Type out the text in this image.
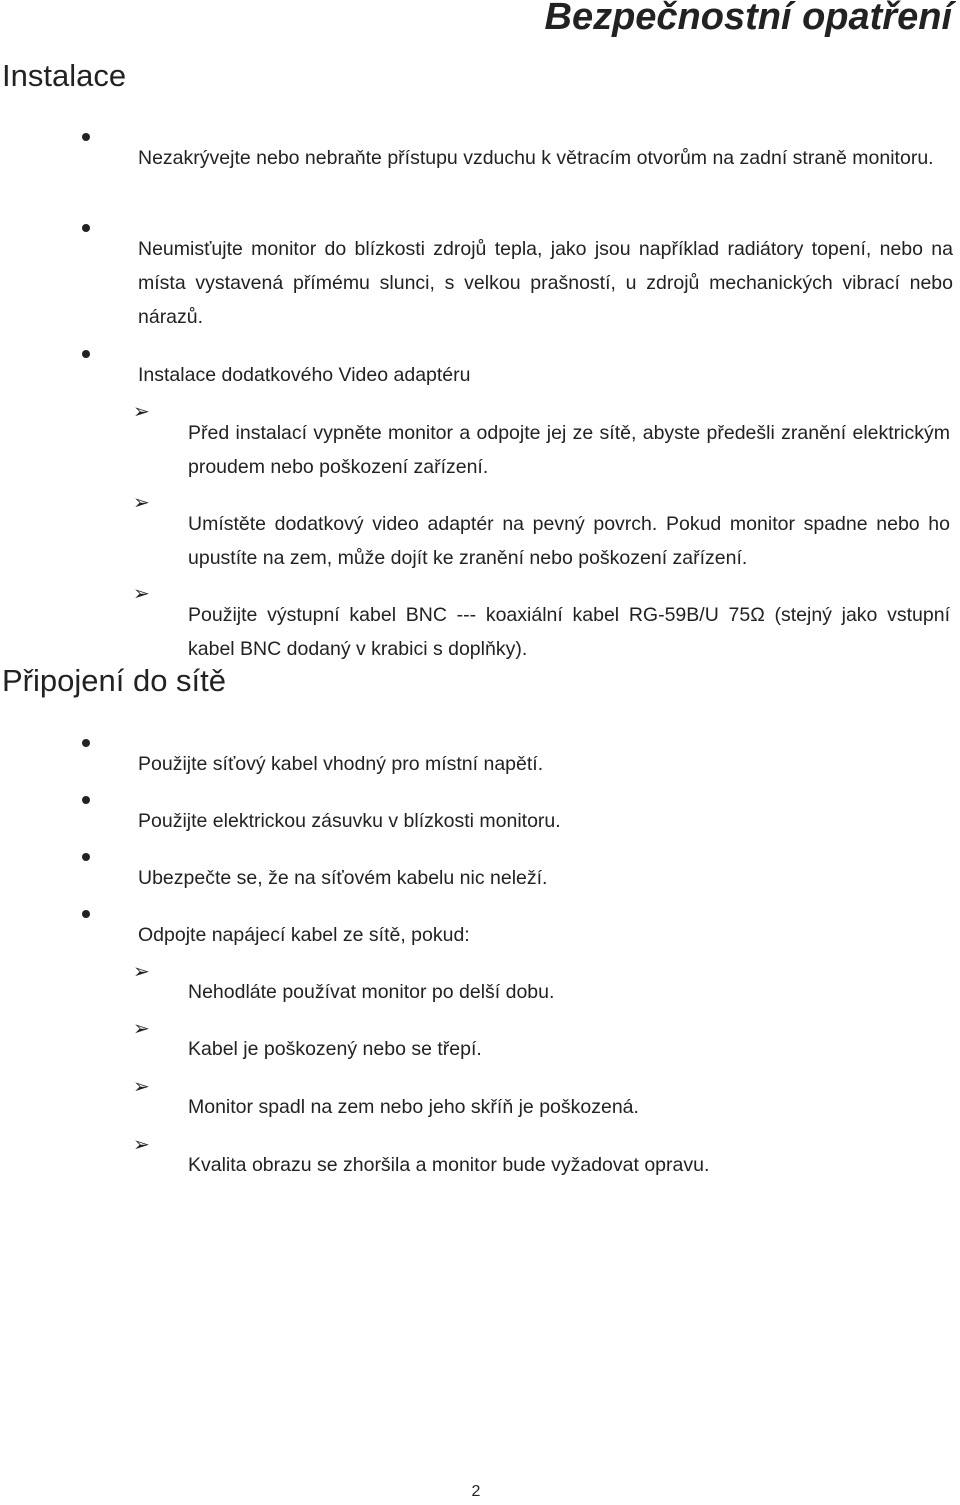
Bezpečnostní opatření
Instalace

Nezakrývejte nebo nebraňte přístupu vzduchu k větracím otvorům na zadní straně monitoru.

Neumisťujte monitor do blízkosti zdrojů tepla, jako jsou například radiátory topení, nebo na místa vystavená přímému slunci, s velkou prašností, u zdrojů mechanických vibrací nebo nárazů.

Instalace dodatkového Video adaptéru

➢

Před instalací vypněte monitor a odpojte jej ze sítě, abyste předešli zranění elektrickým proudem nebo poškození zařízení.

➢

Umístěte dodatkový video adaptér na pevný povrch. Pokud monitor spadne nebo ho upustíte na zem, může dojít ke zranění nebo poškození zařízení.

➢

Použijte výstupní kabel BNC --- koaxiální kabel RG-59B/U 75Ω (stejný jako vstupní kabel BNC dodaný v krabici s doplňky).

Připojení do sítě

Použijte síťový kabel vhodný pro místní napětí.

Použijte elektrickou zásuvku v blízkosti monitoru.

Ubezpečte se, že na síťovém kabelu nic neleží.

Odpojte napájecí kabel ze sítě, pokud:

➢

Nehodláte používat monitor po delší dobu.

➢

Kabel je poškozený nebo se třepí.

➢

Monitor spadl na zem nebo jeho skříň je poškozená.

➢

Kvalita obrazu se zhoršila a monitor bude vyžadovat opravu.

2
